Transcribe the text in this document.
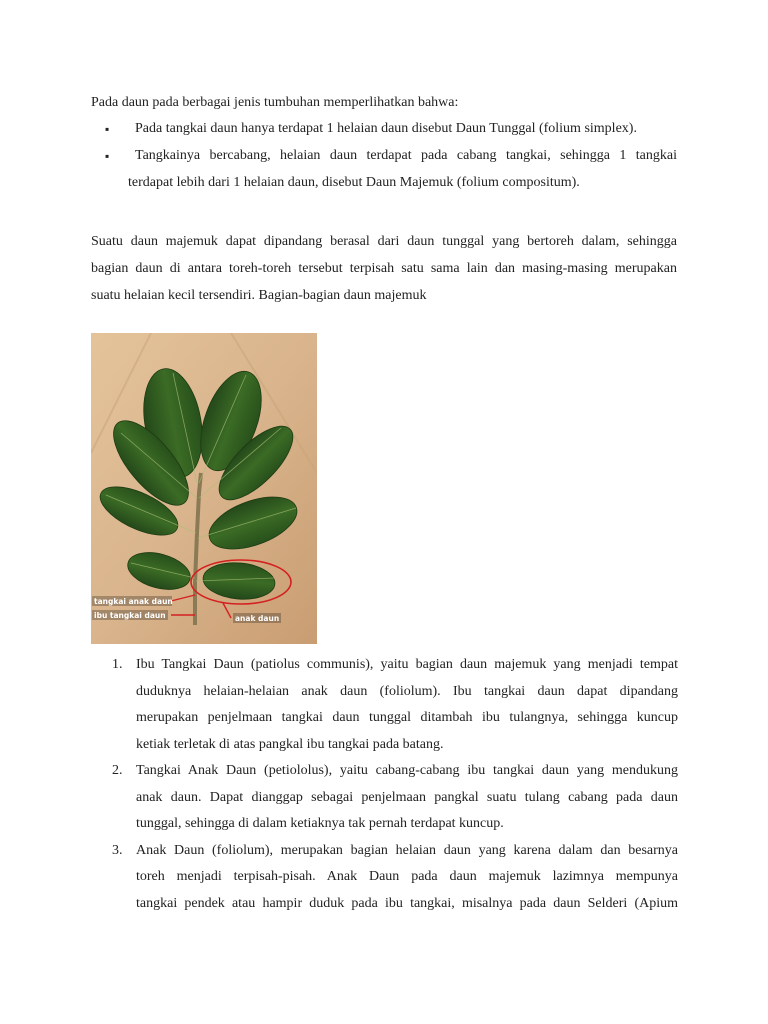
Pada daun pada berbagai jenis tumbuhan memperlihatkan bahwa:
▪ Pada tangkai daun hanya terdapat 1 helaian daun disebut Daun Tunggal (folium simplex).
▪ Tangkainya bercabang, helaian daun terdapat pada cabang tangkai, sehingga 1 tangkai
terdapat lebih dari 1 helaian daun, disebut Daun Majemuk (folium compositum).
Suatu daun majemuk dapat dipandang berasal dari daun tunggal yang bertoreh dalam, sehingga
bagian daun di antara toreh-toreh tersebut terpisah satu sama lain dan masing-masing merupakan
suatu helaian kecil tersendiri. Bagian-bagian daun majemuk
tangkai anak daun
ibu tangkai daun	anak daun
1. Ibu Tangkai Daun (patiolus communis), yaitu bagian daun majemuk yang menjadi tempat
duduknya helaian-helaian anak daun (foliolum). Ibu tangkai daun dapat dipandang
merupakan penjelmaan tangkai daun tunggal ditambah ibu tulangnya, sehingga kuncup
ketiak terletak di atas pangkal ibu tangkai pada batang.
2. Tangkai Anak Daun (petiololus), yaitu cabang-cabang ibu tangkai daun yang mendukung
anak daun. Dapat dianggap sebagai penjelmaan pangkal suatu tulang cabang pada daun
tunggal, sehingga di dalam ketiaknya tak pernah terdapat kuncup.
3. Anak Daun (foliolum), merupakan bagian helaian daun yang karena dalam dan besarnya
toreh menjadi terpisah-pisah. Anak Daun pada daun majemuk lazimnya mempunya
tangkai pendek atau hampir duduk pada ibu tangkai, misalnya pada daun Selderi (Apium
